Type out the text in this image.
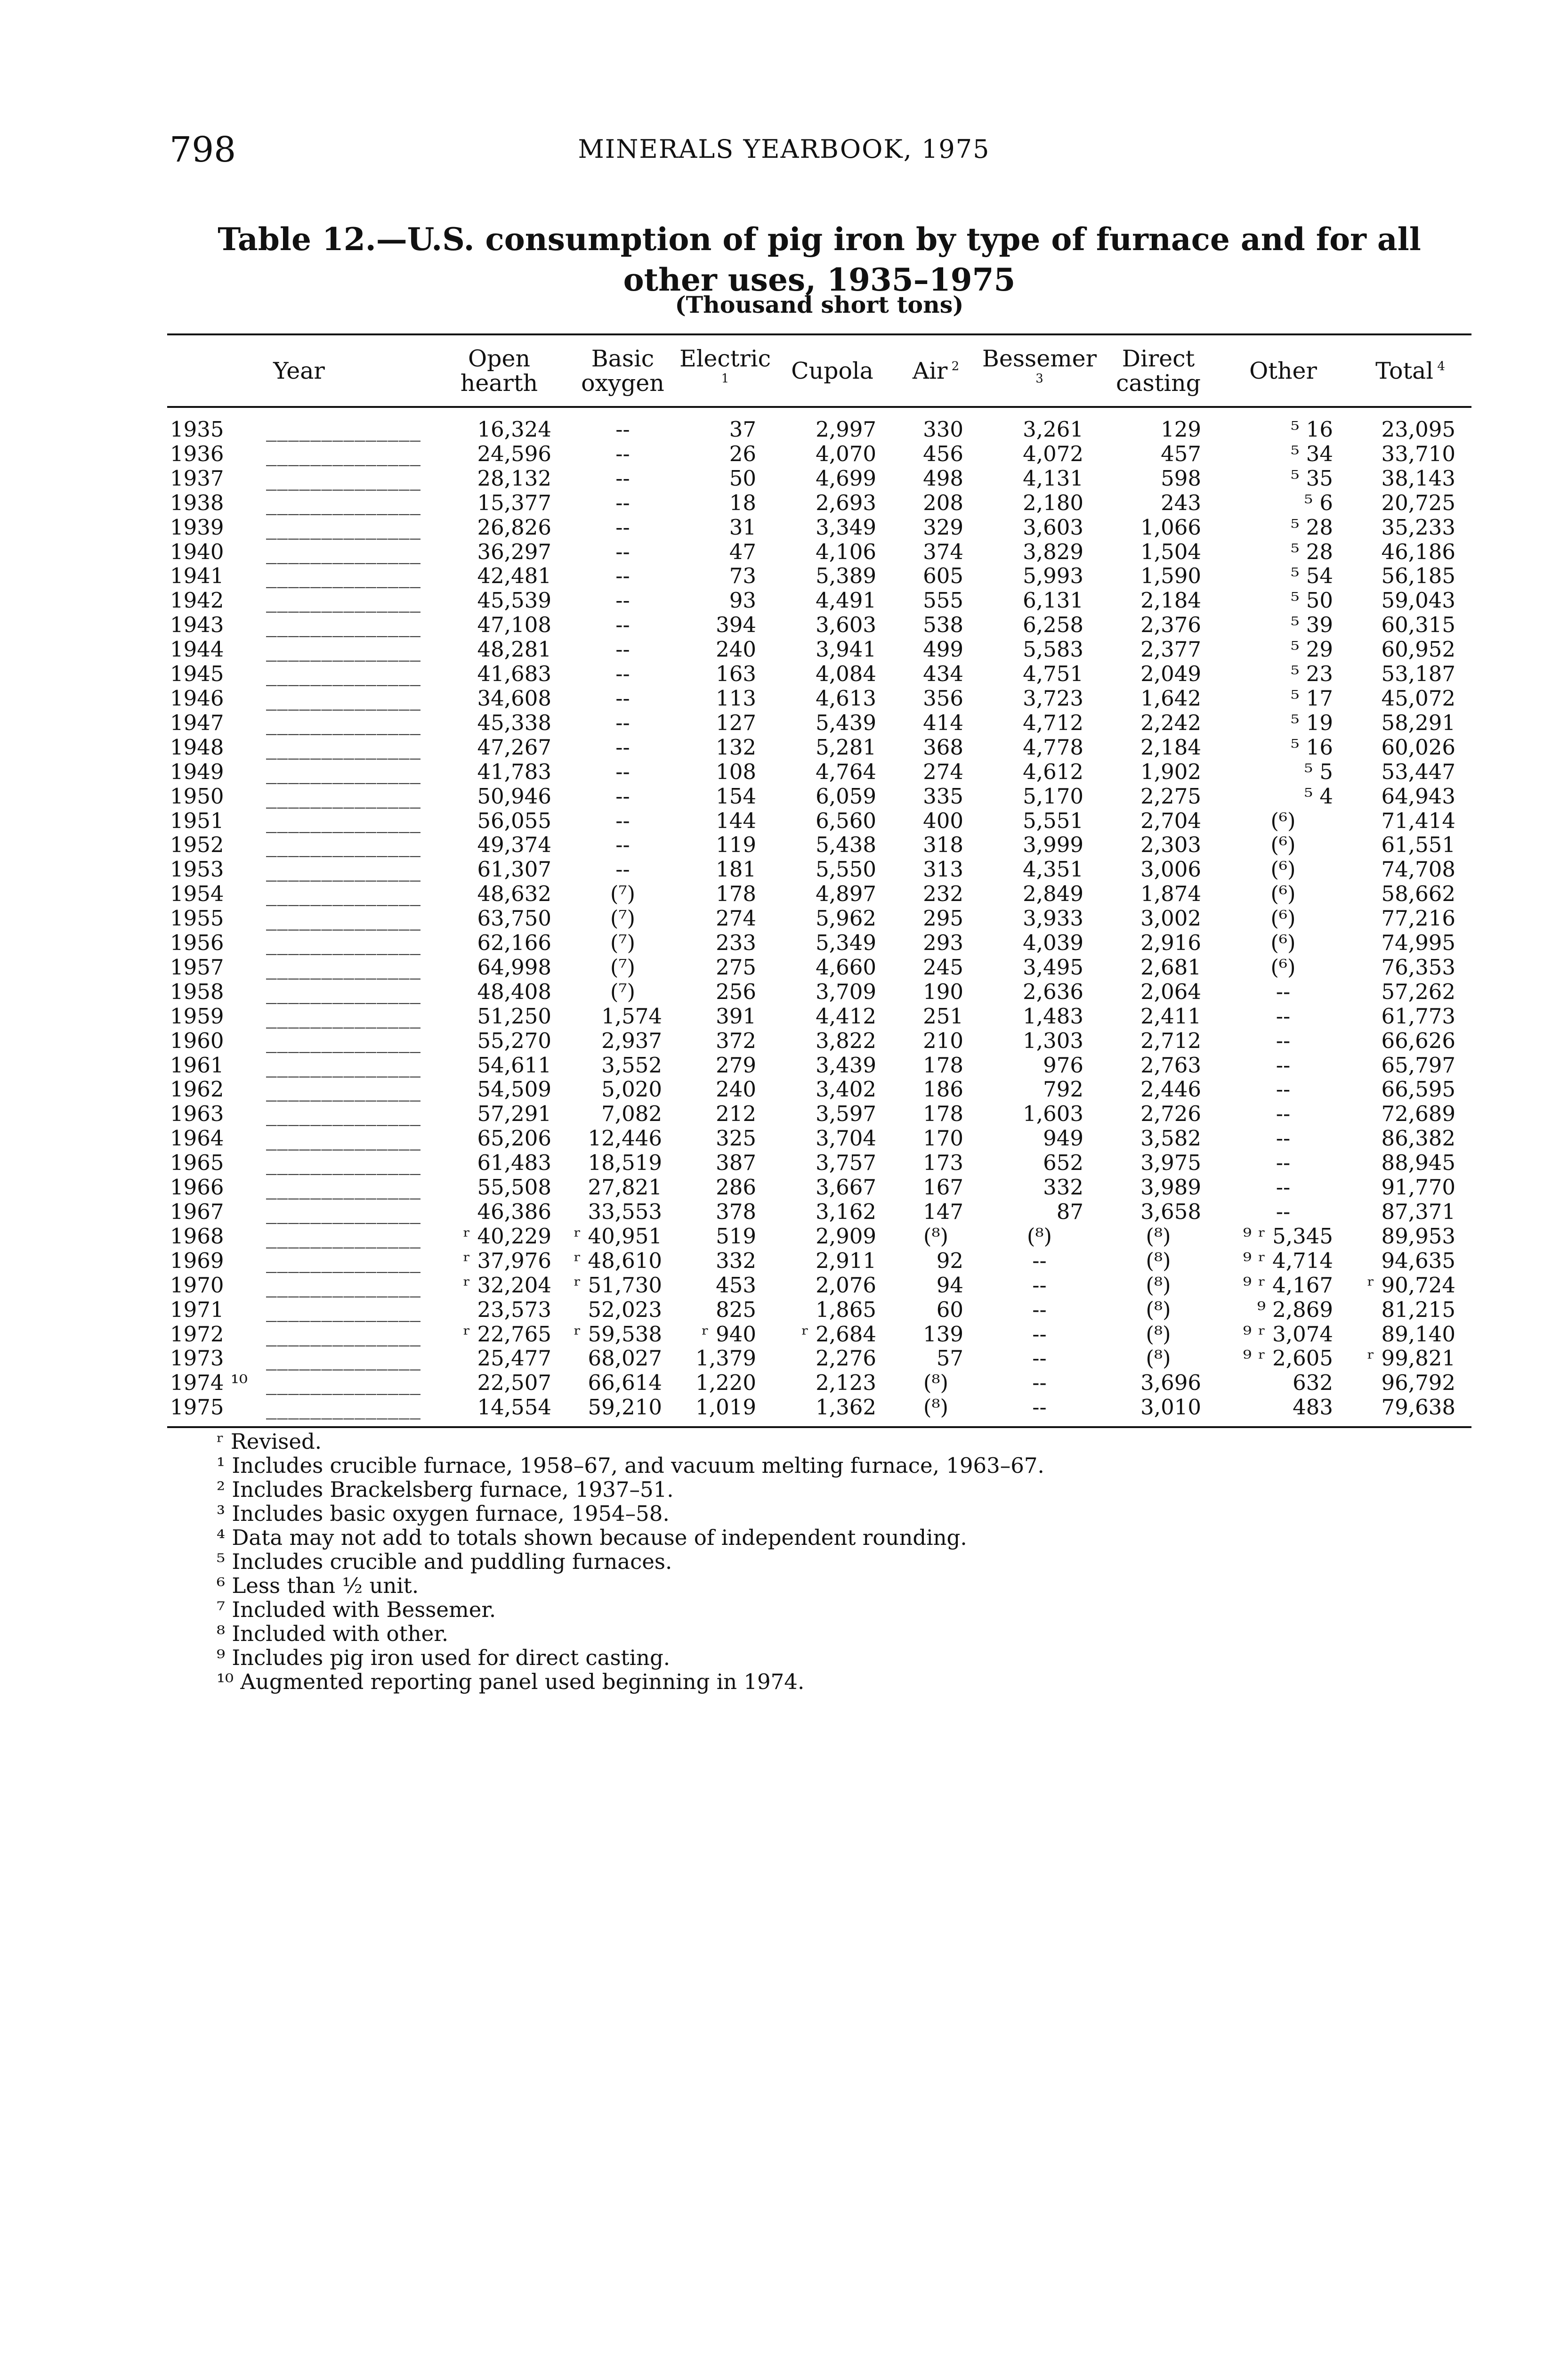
798	MINERALS YEARBOOK, 1975
Table 12.—U.S. consumption of pig iron by type of furnace and for all other uses, 1935–1975
(Thousand short tons)
Year	Open hearth	Basic oxygen	Electric $^1$	Cupola	Air $^2$	Bessemer $^3$	Direct casting	Other	Total $^4$
1935 ______________	16,324	--	37	2,997	330	3,261	129	⁵ 16	23,095
1936 ______________	24,596	--	26	4,070	456	4,072	457	⁵ 34	33,710
1937 ______________	28,132	--	50	4,699	498	4,131	598	⁵ 35	38,143
1938 ______________	15,377	--	18	2,693	208	2,180	243	⁵ 6	20,725
1939 ______________	26,826	--	31	3,349	329	3,603	1,066	⁵ 28	35,233
1940 ______________	36,297	--	47	4,106	374	3,829	1,504	⁵ 28	46,186
1941 ______________	42,481	--	73	5,389	605	5,993	1,590	⁵ 54	56,185
1942 ______________	45,539	--	93	4,491	555	6,131	2,184	⁵ 50	59,043
1943 ______________	47,108	--	394	3,603	538	6,258	2,376	⁵ 39	60,315
1944 ______________	48,281	--	240	3,941	499	5,583	2,377	⁵ 29	60,952
1945 ______________	41,683	--	163	4,084	434	4,751	2,049	⁵ 23	53,187
1946 ______________	34,608	--	113	4,613	356	3,723	1,642	⁵ 17	45,072
1947 ______________	45,338	--	127	5,439	414	4,712	2,242	⁵ 19	58,291
1948 ______________	47,267	--	132	5,281	368	4,778	2,184	⁵ 16	60,026
1949 ______________	41,783	--	108	4,764	274	4,612	1,902	⁵ 5	53,447
1950 ______________	50,946	--	154	6,059	335	5,170	2,275	⁵ 4	64,943
1951 ______________	56,055	--	144	6,560	400	5,551	2,704	(⁶)	71,414
1952 ______________	49,374	--	119	5,438	318	3,999	2,303	(⁶)	61,551
1953 ______________	61,307	--	181	5,550	313	4,351	3,006	(⁶)	74,708
1954 ______________	48,632	(⁷)	178	4,897	232	2,849	1,874	(⁶)	58,662
1955 ______________	63,750	(⁷)	274	5,962	295	3,933	3,002	(⁶)	77,216
1956 ______________	62,166	(⁷)	233	5,349	293	4,039	2,916	(⁶)	74,995
1957 ______________	64,998	(⁷)	275	4,660	245	3,495	2,681	(⁶)	76,353
1958 ______________	48,408	(⁷)	256	3,709	190	2,636	2,064	--	57,262
1959 ______________	51,250	1,574	391	4,412	251	1,483	2,411	--	61,773
1960 ______________	55,270	2,937	372	3,822	210	1,303	2,712	--	66,626
1961 ______________	54,611	3,552	279	3,439	178	976	2,763	--	65,797
1962 ______________	54,509	5,020	240	3,402	186	792	2,446	--	66,595
1963 ______________	57,291	7,082	212	3,597	178	1,603	2,726	--	72,689
1964 ______________	65,206	12,446	325	3,704	170	949	3,582	--	86,382
1965 ______________	61,483	18,519	387	3,757	173	652	3,975	--	88,945
1966 ______________	55,508	27,821	286	3,667	167	332	3,989	--	91,770
1967 ______________	46,386	33,553	378	3,162	147	87	3,658	--	87,371
1968 ______________	ʳ 40,229	ʳ 40,951	519	2,909	(⁸)	(⁸)	(⁸)	⁹ ʳ 5,345	89,953
1969 ______________	ʳ 37,976	ʳ 48,610	332	2,911	92	--	(⁸)	⁹ ʳ 4,714	94,635
1970 ______________	ʳ 32,204	ʳ 51,730	453	2,076	94	--	(⁸)	⁹ ʳ 4,167	ʳ 90,724
1971 ______________	23,573	52,023	825	1,865	60	--	(⁸)	⁹ 2,869	81,215
1972 ______________	ʳ 22,765	ʳ 59,538	ʳ 940	ʳ 2,684	139	--	(⁸)	⁹ ʳ 3,074	89,140
1973 ______________	25,477	68,027	1,379	2,276	57	--	(⁸)	⁹ ʳ 2,605	ʳ 99,821
1974 ¹⁰ ______________	22,507	66,614	1,220	2,123	(⁸)	--	3,696	632	96,792
1975 ______________	14,554	59,210	1,019	1,362	(⁸)	--	3,010	483	79,638
ʳ Revised.
¹ Includes crucible furnace, 1958–67, and vacuum melting furnace, 1963–67.
² Includes Brackelsberg furnace, 1937–51.
³ Includes basic oxygen furnace, 1954–58.
⁴ Data may not add to totals shown because of independent rounding.
⁵ Includes crucible and puddling furnaces.
⁶ Less than ½ unit.
⁷ Included with Bessemer.
⁸ Included with other.
⁹ Includes pig iron used for direct casting.
¹⁰ Augmented reporting panel used beginning in 1974.
